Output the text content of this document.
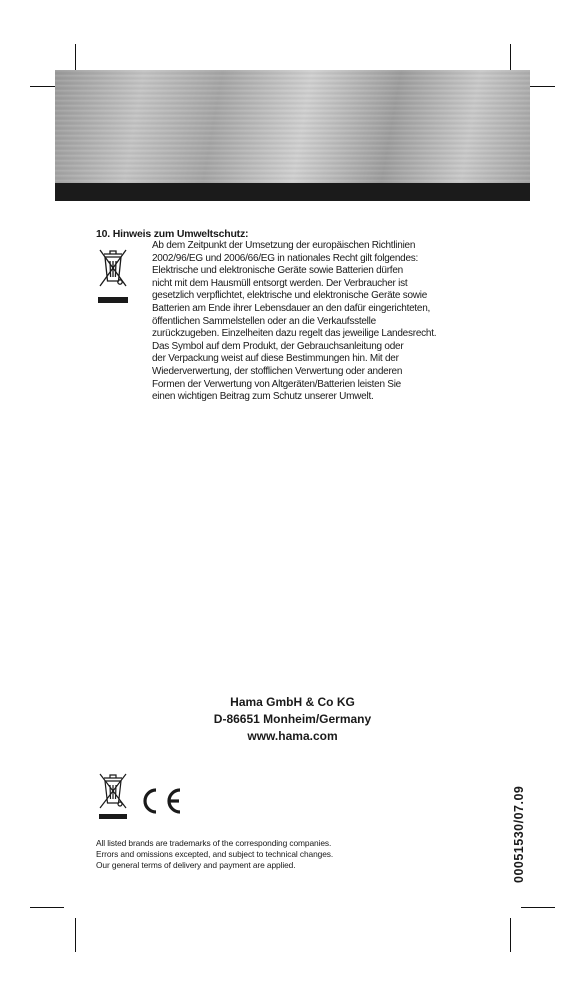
10. Hinweis zum Umweltschutz:
Ab dem Zeitpunkt der Umsetzung der europäischen Richtlinien
2002/96/EG und 2006/66/EG in nationales Recht gilt folgendes:
Elektrische und elektronische Geräte sowie Batterien dürfen
nicht mit dem Hausmüll entsorgt werden. Der Verbraucher ist
gesetzlich verpflichtet, elektrische und elektronische Geräte sowie
Batterien am Ende ihrer Lebensdauer an den dafür eingerichteten,
öffentlichen Sammelstellen oder an die Verkaufsstelle
zurückzugeben. Einzelheiten dazu regelt das jeweilige Landesrecht.
Das Symbol auf dem Produkt, der Gebrauchsanleitung oder
der Verpackung weist auf diese Bestimmungen hin. Mit der
Wiederverwertung, der stofflichen Verwertung oder anderen
Formen der Verwertung von Altgeräten/Batterien leisten Sie
einen wichtigen Beitrag zum Schutz unserer Umwelt.
Hama GmbH & Co KG
D-86651 Monheim/Germany
www.hama.com
All listed brands are trademarks of the corresponding companies.
Errors and omissions excepted, and subject to technical changes.
Our general terms of delivery and payment are applied.	00051530/07.09
